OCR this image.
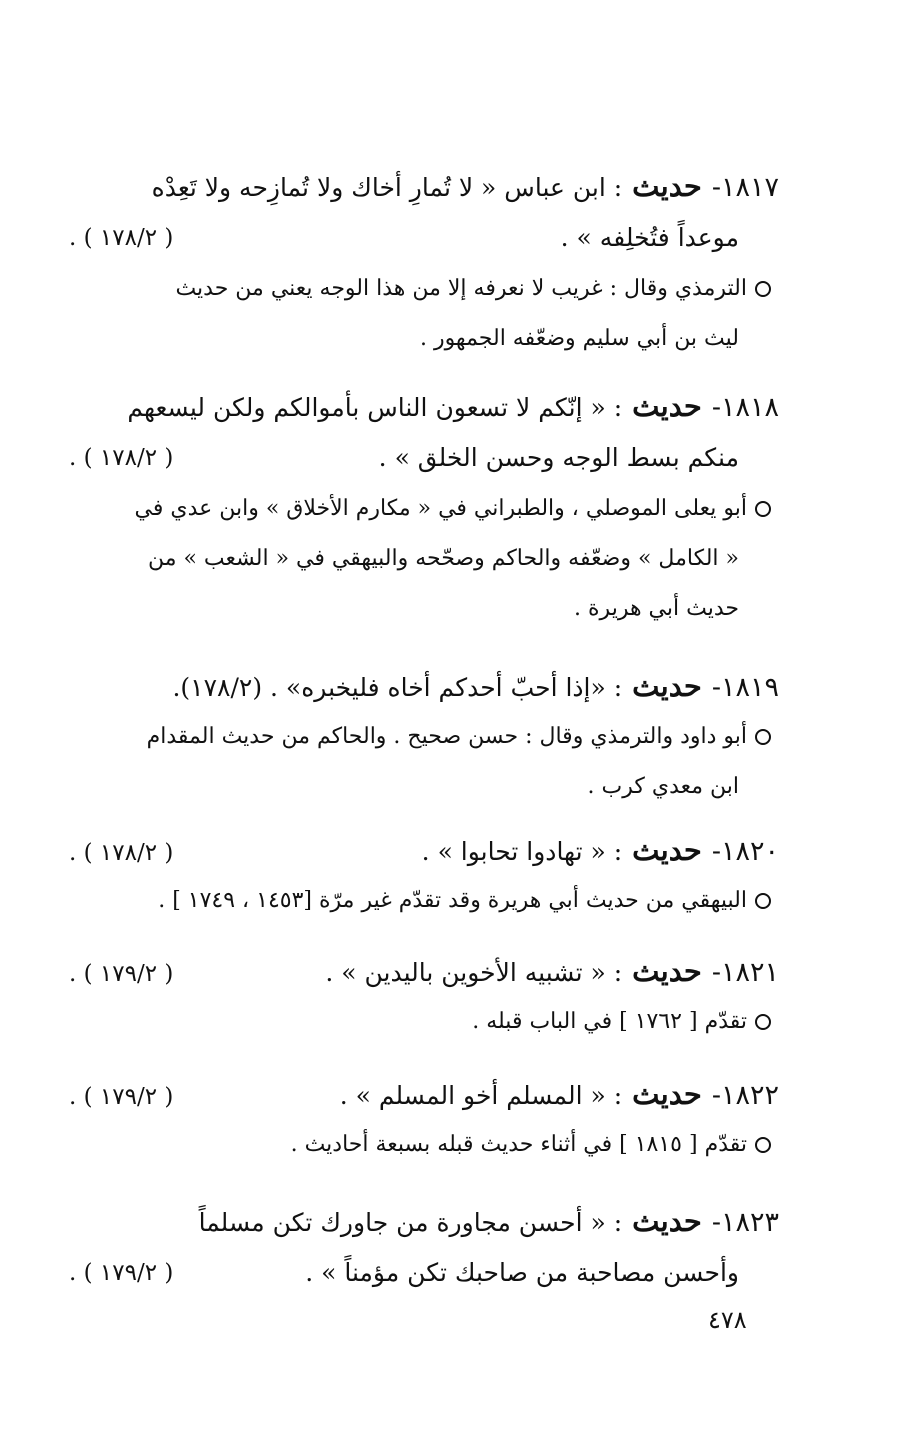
١٨١٧-
حديث
: ابن عباس « لا تُمارِ أخاك ولا تُمازِحه ولا تَعِدْه
موعداً فتُخلِفه » .
( ١٧٨/٢ ) .
الترمذي وقال : غريب لا نعرفه إلا من هذا الوجه يعني من حديث
ليث بن أبي سليم وضعّفه الجمهور .
١٨١٨-
حديث
: « إنّكم لا تسعون الناس بأموالكم ولكن ليسعهم
منكم بسط الوجه وحسن الخلق » .
( ١٧٨/٢ ) .
أبو يعلى الموصلي ، والطبراني في « مكارم الأخلاق » وابن عدي في
« الكامل » وضعّفه والحاكم وصحّحه والبيهقي في « الشعب » من
حديث أبي هريرة .
١٨١٩-
حديث
: «إذا أحبّ أحدكم أخاه فليخبره» . (١٧٨/٢).
أبو داود والترمذي وقال : حسن صحيح . والحاكم من حديث المقدام
ابن معدي كرب .
١٨٢٠-
حديث
: « تهادوا تحابوا » .
( ١٧٨/٢ ) .
البيهقي من حديث أبي هريرة وقد تقدّم غير مرّة [١٤٥٣ ، ١٧٤٩ ] .
١٨٢١-
حديث
: « تشبيه الأخوين باليدين » .
( ١٧٩/٢ ) .
تقدّم [ ١٧٦٢ ] في الباب قبله .
١٨٢٢-
حديث
: « المسلم أخو المسلم » .
( ١٧٩/٢ ) .
تقدّم [ ١٨١٥ ] في أثناء حديث قبله بسبعة أحاديث .
١٨٢٣-
حديث
: « أحسن مجاورة من جاورك تكن مسلماً
وأحسن مصاحبة من صاحبك تكن مؤمناً » .
( ١٧٩/٢ ) .
٤٧٨
